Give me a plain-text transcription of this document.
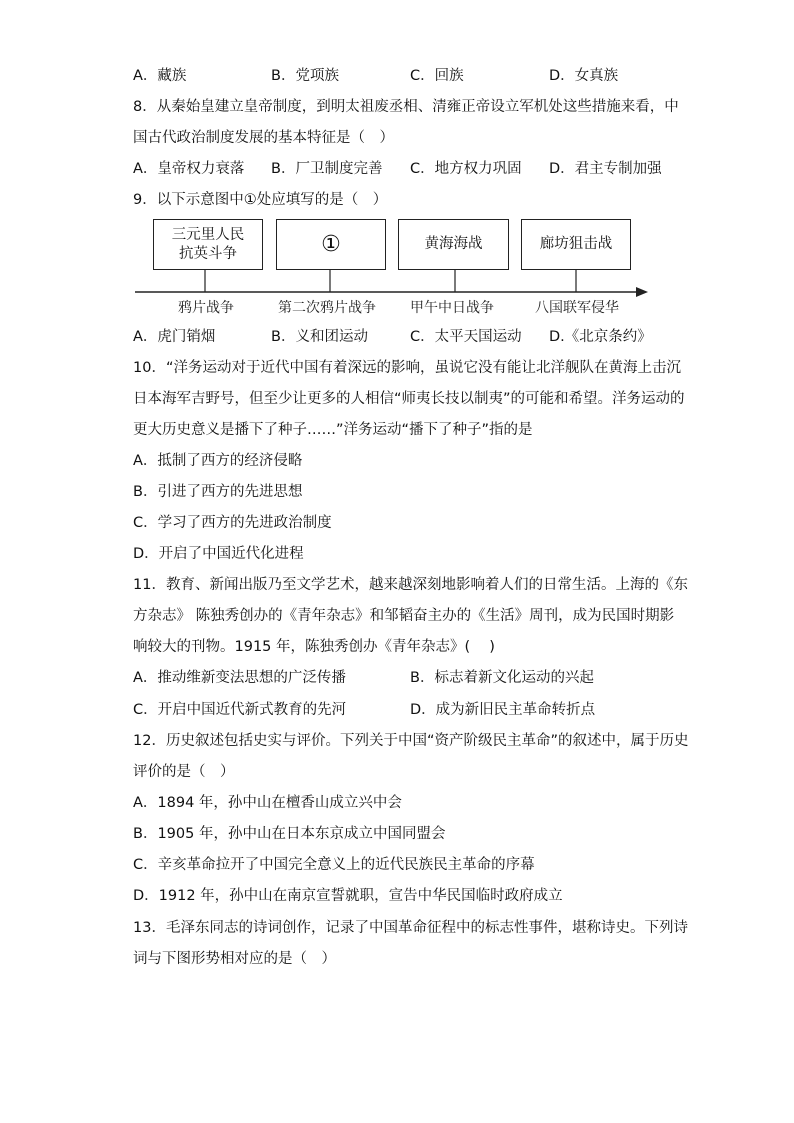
A．藏族	B．党项族	C．回族	D．女真族
8．从秦始皇建立皇帝制度，到明太祖废丞相、清雍正帝设立军机处这些措施来看，中
国古代政治制度发展的基本特征是（　）
A．皇帝权力衰落 B．厂卫制度完善 C．地方权力巩固 D．君主专制加强
9．以下示意图中①处应填写的是（　）
三元里人民
抗英斗争	①	黄海海战	廊坊狙击战
鸦片战争	第二次鸦片战争 甲午中日战争	八国联军侵华
A．虎门销烟	B．义和团运动	C．太平天国运动 D.《北京条约》
10．“洋务运动对于近代中国有着深远的影响，虽说它没有能让北洋舰队在黄海上击沉
日本海军吉野号，但至少让更多的人相信“师夷长技以制夷”的可能和希望。洋务运动的
更大历史意义是播下了种子……”洋务运动“播下了种子”指的是
A．抵制了西方的经济侵略
B．引进了西方的先进思想
C．学习了西方的先进政治制度
D．开启了中国近代化进程
11．教育、新闻出版乃至文学艺术，越来越深刻地影响着人们的日常生活。上海的《东
方杂志》 陈独秀创办的《青年杂志》和邹韬奋主办的《生活》周刊，成为民国时期影
响较大的刊物。1915 年，陈独秀创办《青年杂志》(　 )
A．推动维新变法思想的广泛传播	B．标志着新文化运动的兴起
C．开启中国近代新式教育的先河	D．成为新旧民主革命转折点
12．历史叙述包括史实与评价。下列关于中国“资产阶级民主革命”的叙述中，属于历史
评价的是（　）
A．1894 年，孙中山在檀香山成立兴中会
B．1905 年，孙中山在日本东京成立中国同盟会
C．辛亥革命拉开了中国完全意义上的近代民族民主革命的序幕
D．1912 年，孙中山在南京宣誓就职，宣告中华民国临时政府成立
13．毛泽东同志的诗词创作，记录了中国革命征程中的标志性事件，堪称诗史。下列诗
词与下图形势相对应的是（　）
